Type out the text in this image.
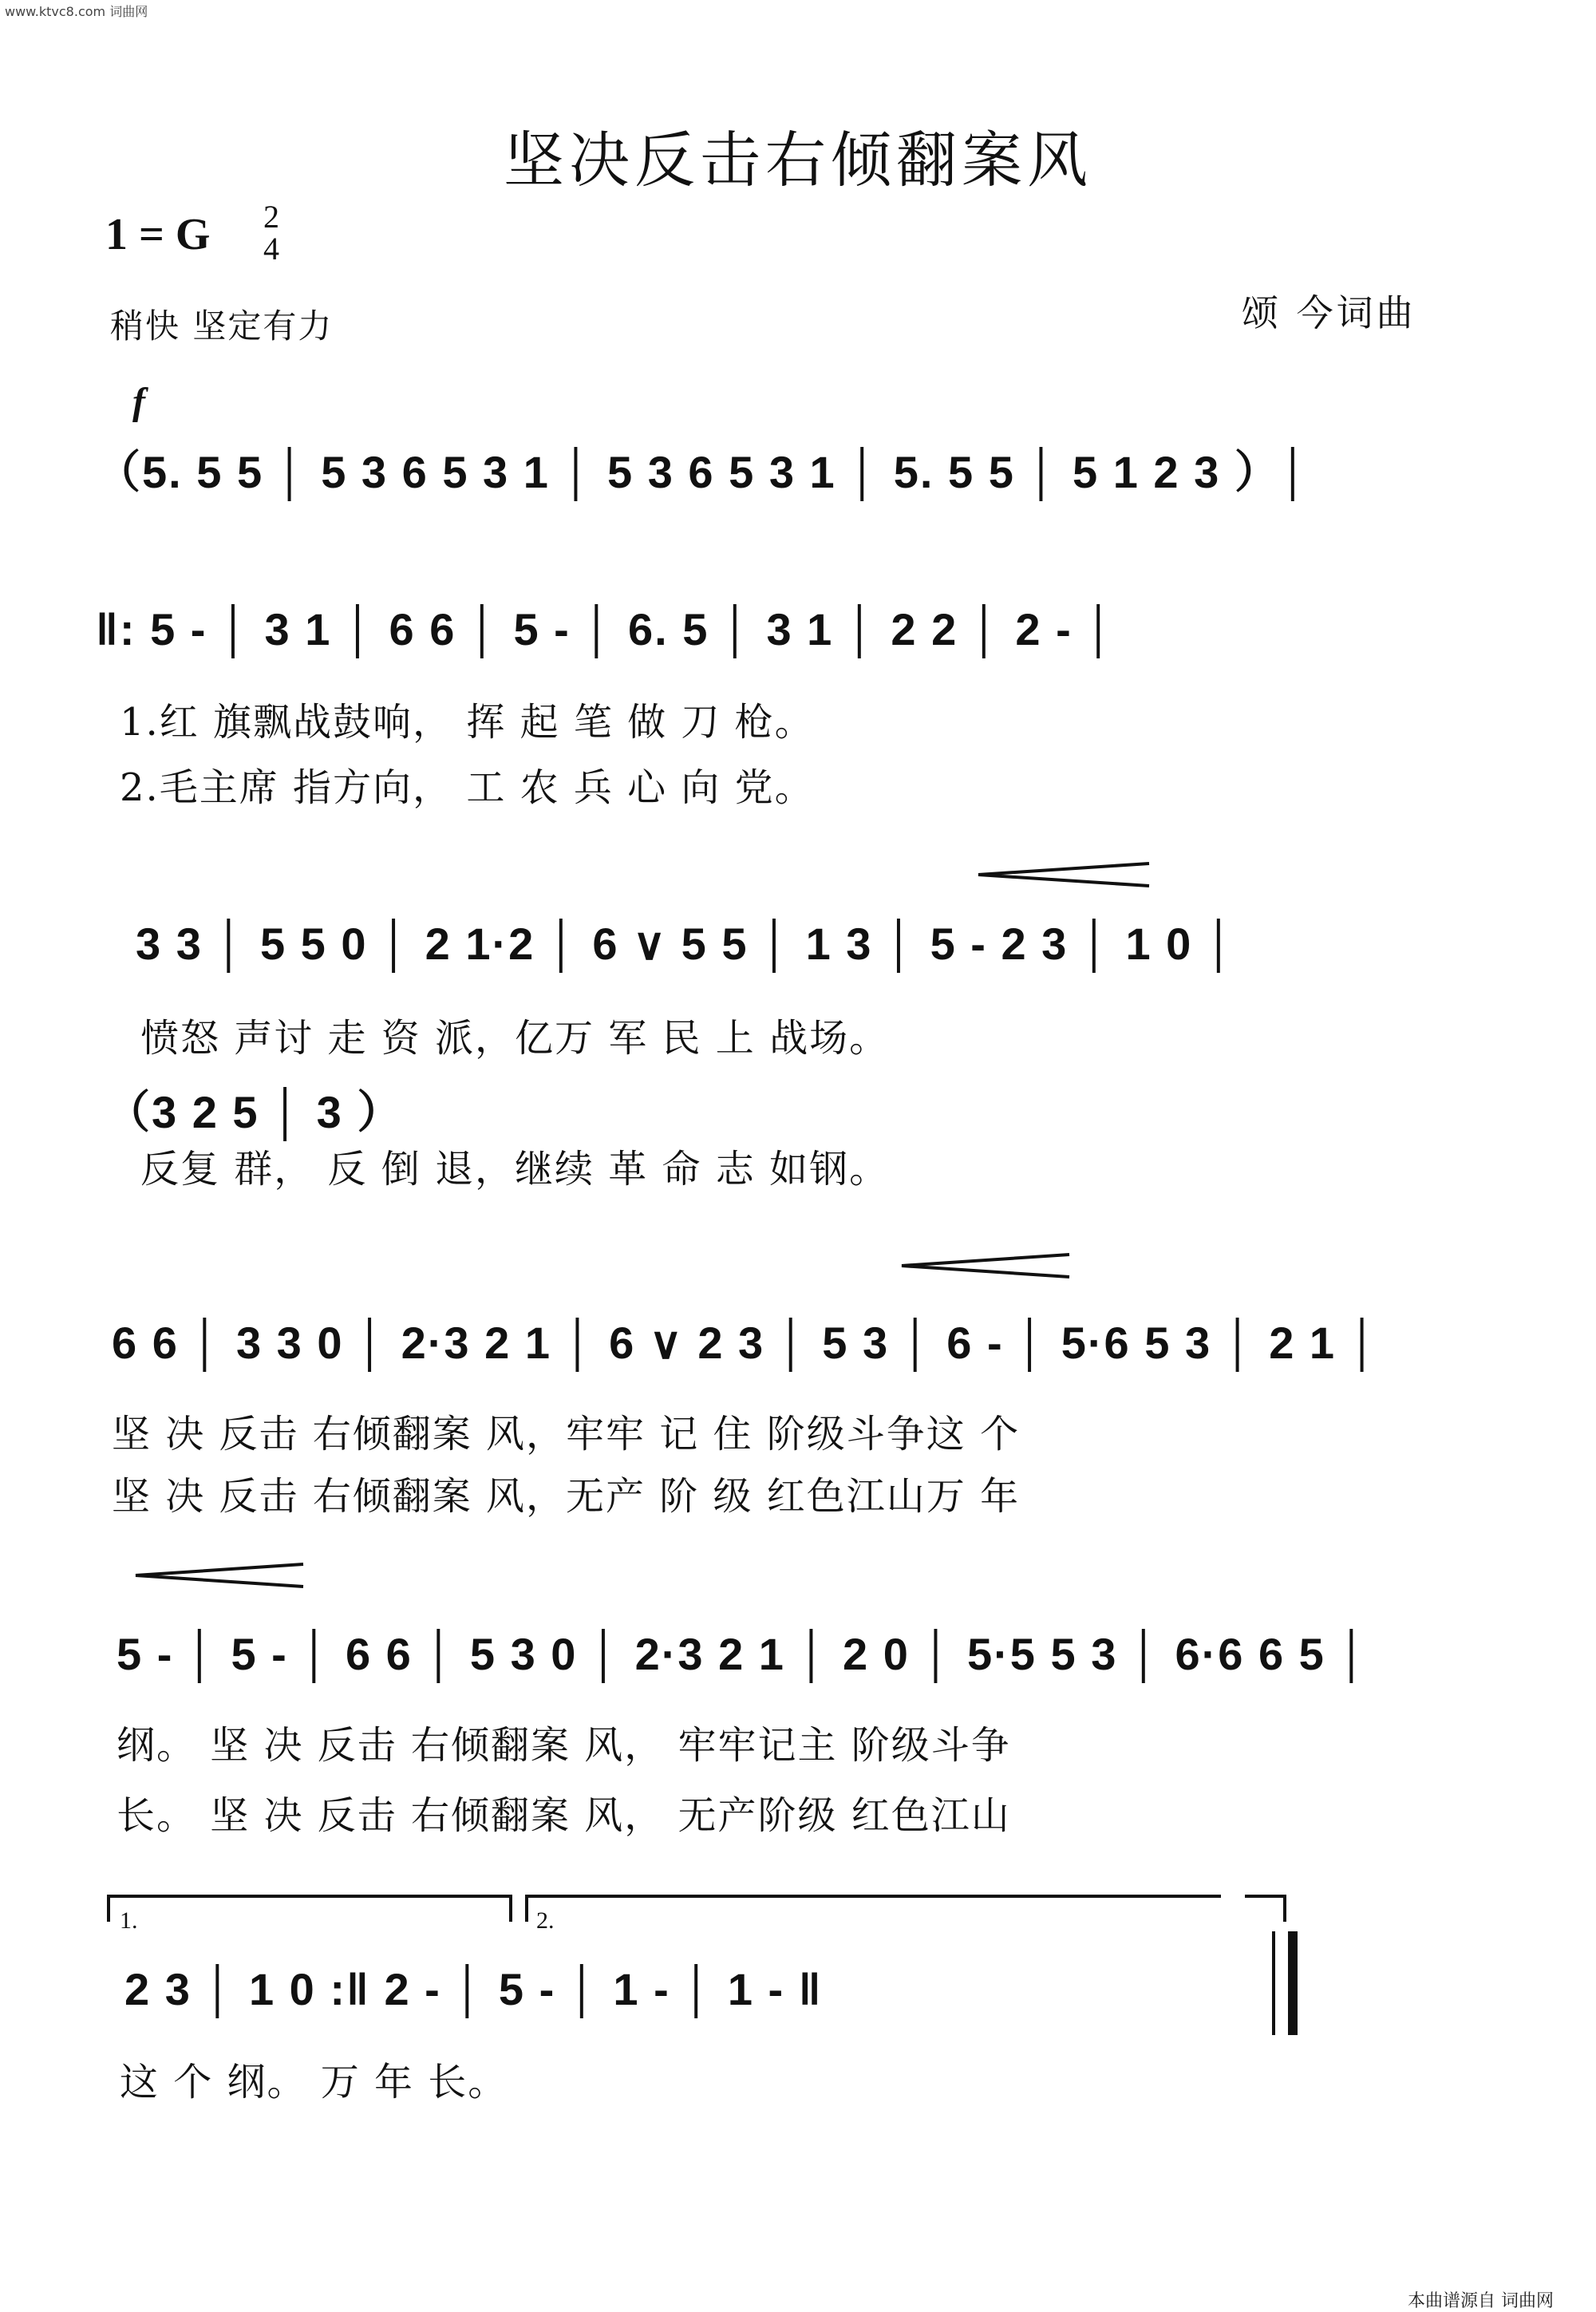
www.ktvc8.com 词曲网
坚决反击右倾翻案风
1 = G 2
4
稍快 坚定有力	颂 今词曲
f
（5. 5 5 │ 5 3 6 5 3 1 │ 5 3 6 5 3 1 │ 5. 5 5 │ 5 1 2 3 ）│
‖: 5 - │ 3 1 │ 6 6 │ 5 - │ 6. 5 │ 3 1 │ 2 2 │ 2 - │
1.红 旗飘战鼓响， 挥 起 笔 做 刀 枪。
2.毛主席 指方向， 工 农 兵 心 向 党。
3 3 │ 5 5 0 │ 2 1·2 │ 6 ∨ 5 5 │ 1 3 │ 5 - 2 3 │ 1 0 │
愤怒 声讨 走 资 派，亿万 军 民 上 战场。
（3 2 5 │ 3 ）
反复 群， 反 倒 退，继续 革 命 志 如钢。
6 6 │ 3 3 0 │ 2·3 2 1 │ 6 ∨ 2 3 │ 5 3 │ 6 - │ 5·6 5 3 │ 2 1 │
坚 决 反击 右倾翻案 风，牢牢 记 住 阶级斗争这 个
坚 决 反击 右倾翻案 风，无产 阶 级 红色江山万 年
5 - │ 5 - │ 6 6 │ 5 3 0 │ 2·3 2 1 │ 2 0 │ 5·5 5 3 │ 6·6 6 5 │
纲。 坚 决 反击 右倾翻案 风， 牢牢记主 阶级斗争
长。 坚 决 反击 右倾翻案 风， 无产阶级 红色江山
1.	2.
2 3 │ 1 0 :‖ 2 - │ 5 - │ 1 - │ 1 - ‖
这 个 纲。 万 年 长。
本曲谱源自 词曲网
